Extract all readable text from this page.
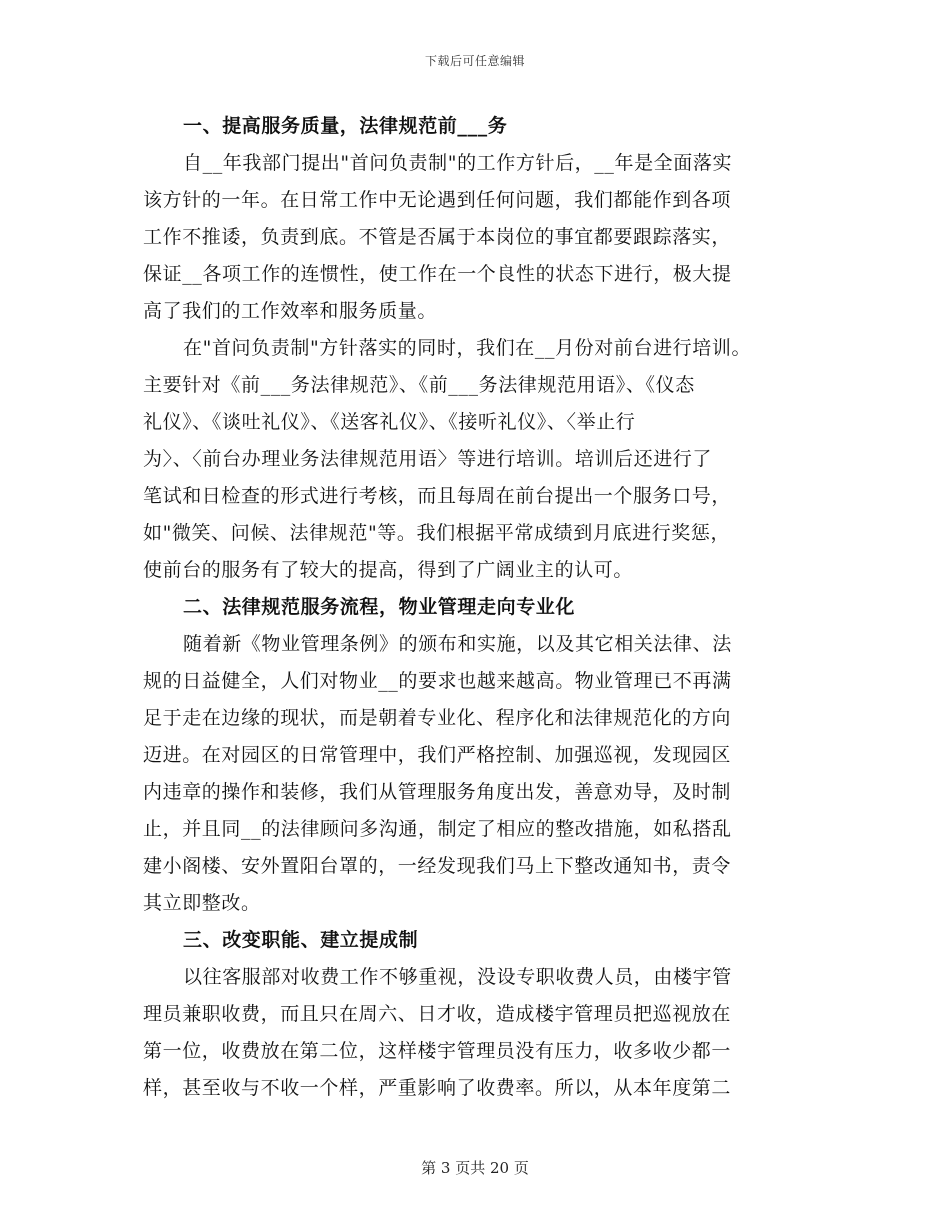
下载后可任意编辑
一、提高服务质量，法律规范前___务
自__年我部门提出"首问负责制"的工作方针后，__年是全面落实
该方针的一年。在日常工作中无论遇到任何问题，我们都能作到各项
工作不推诿，负责到底。不管是否属于本岗位的事宜都要跟踪落实，
保证__各项工作的连惯性，使工作在一个良性的状态下进行，极大提
高了我们的工作效率和服务质量。
在"首问负责制"方针落实的同时，我们在__月份对前台进行培训。
主要针对《前___务法律规范》、《前___务法律规范用语》、《仪态
礼仪》、《谈吐礼仪》、《送客礼仪》、《接听礼仪》、〈举止行
为〉、〈前台办理业务法律规范用语〉等进行培训。培训后还进行了
笔试和日检查的形式进行考核，而且每周在前台提出一个服务口号，
如"微笑、问候、法律规范"等。我们根据平常成绩到月底进行奖惩，
使前台的服务有了较大的提高，得到了广阔业主的认可。
二、法律规范服务流程，物业管理走向专业化
随着新《物业管理条例》的颁布和实施，以及其它相关法律、法
规的日益健全，人们对物业__的要求也越来越高。物业管理已不再满
足于走在边缘的现状，而是朝着专业化、程序化和法律规范化的方向
迈进。在对园区的日常管理中，我们严格控制、加强巡视，发现园区
内违章的操作和装修，我们从管理服务角度出发，善意劝导，及时制
止，并且同__的法律顾问多沟通，制定了相应的整改措施，如私搭乱
建小阁楼、安外置阳台罩的，一经发现我们马上下整改通知书，责令
其立即整改。
三、改变职能、建立提成制
以往客服部对收费工作不够重视，没设专职收费人员，由楼宇管
理员兼职收费，而且只在周六、日才收，造成楼宇管理员把巡视放在
第一位，收费放在第二位，这样楼宇管理员没有压力，收多收少都一
样，甚至收与不收一个样，严重影响了收费率。所以，从本年度第二
第 3 页共 20 页
